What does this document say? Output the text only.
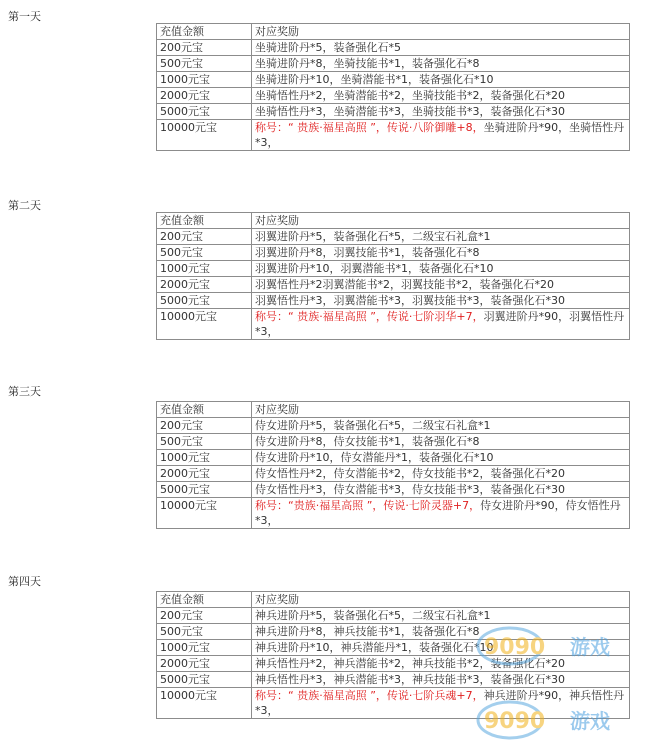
第一天
充值金额	对应奖励
200元宝	坐骑进阶丹*5，装备强化石*5
500元宝	坐骑进阶丹*8，坐骑技能书*1，装备强化石*8
1000元宝	坐骑进阶丹*10，坐骑潜能书*1，装备强化石*10
2000元宝	坐骑悟性丹*2，坐骑潜能书*2，坐骑技能书*2，装备强化石*20
5000元宝	坐骑悟性丹*3，坐骑潜能书*3，坐骑技能书*3，装备强化石*30
10000元宝	称号：“ 贵族·福星高照 ”，传说·八阶御雕+8，坐骑进阶丹*90，坐骑悟性丹*3，
第二天
充值金额	对应奖励
200元宝	羽翼进阶丹*5，装备强化石*5，二级宝石礼盒*1
500元宝	羽翼进阶丹*8，羽翼技能书*1，装备强化石*8
1000元宝	羽翼进阶丹*10，羽翼潜能书*1，装备强化石*10
2000元宝	羽翼悟性丹*2羽翼潜能书*2，羽翼技能书*2，装备强化石*20
5000元宝	羽翼悟性丹*3，羽翼潜能书*3，羽翼技能书*3，装备强化石*30
10000元宝	称号：“ 贵族·福星高照 ”，传说·七阶羽华+7，羽翼进阶丹*90，羽翼悟性丹*3，
第三天
充值金额	对应奖励
200元宝	侍女进阶丹*5，装备强化石*5，二级宝石礼盒*1
500元宝	侍女进阶丹*8，侍女技能书*1，装备强化石*8
1000元宝	侍女进阶丹*10，侍女潜能丹*1，装备强化石*10
2000元宝	侍女悟性丹*2，侍女潜能书*2，侍女技能书*2，装备强化石*20
5000元宝	侍女悟性丹*3，侍女潜能书*3，侍女技能书*3，装备强化石*30
10000元宝	称号：“贵族·福星高照 ”，传说·七阶灵器+7，侍女进阶丹*90，侍女悟性丹*3，
第四天
充值金额	对应奖励
200元宝	神兵进阶丹*5，装备强化石*5，二级宝石礼盒*1
500元宝	神兵进阶丹*8，神兵技能书*1，装备强化石*8
1000元宝	神兵进阶丹*10，神兵潜能丹*1，装备强化石*10
2000元宝	神兵悟性丹*2，神兵潜能书*2，神兵技能书*2，装备强化石*20
5000元宝	神兵悟性丹*3，神兵潜能书*3，神兵技能书*3，装备强化石*30
10000元宝	称号：“ 贵族·福星高照 ”，传说·七阶兵魂+7，神兵进阶丹*90，神兵悟性丹*3，
9090 游戏
9090 游戏
